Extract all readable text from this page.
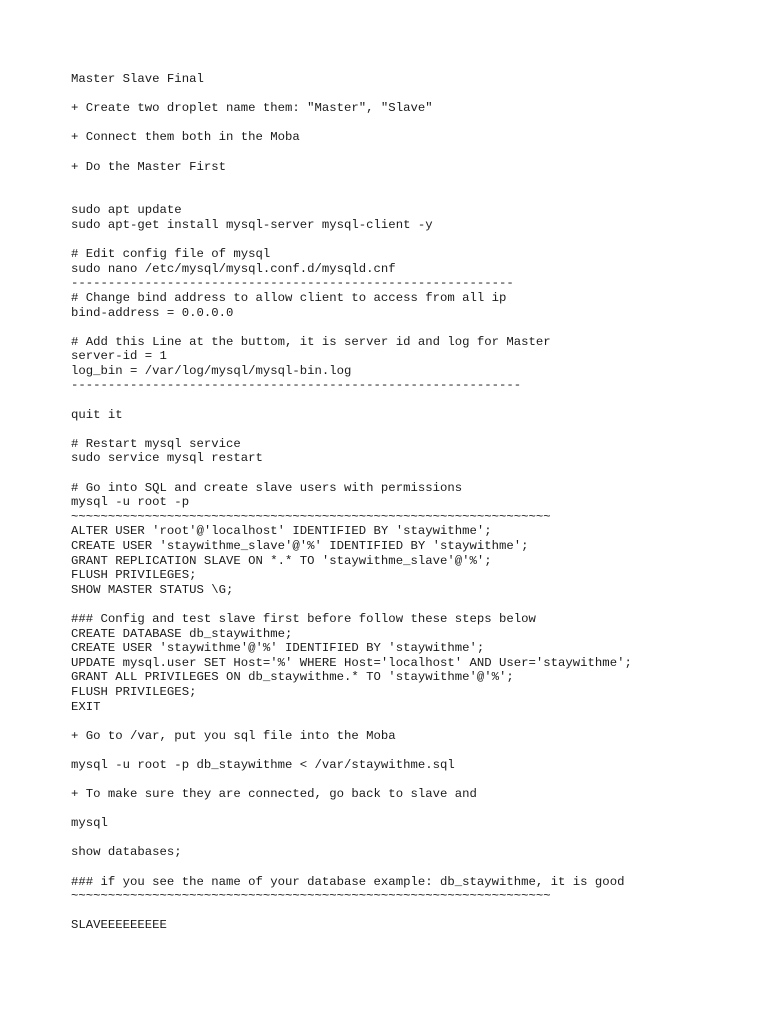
Master Slave Final
+ Create two droplet name them: "Master", "Slave"
+ Connect them both in the Moba
+ Do the Master First
sudo apt update
sudo apt-get install mysql-server mysql-client -y
# Edit config file of mysql
sudo nano /etc/mysql/mysql.conf.d/mysqld.cnf
------------------------------------------------------------
# Change bind address to allow client to access from all ip
bind-address = 0.0.0.0
# Add this Line at the buttom, it is server id and log for Master
server-id = 1
log_bin = /var/log/mysql/mysql-bin.log
-------------------------------------------------------------
quit it
# Restart mysql service
sudo service mysql restart
# Go into SQL and create slave users with permissions
mysql -u root -p
~~~~~~~~~~~~~~~~~~~~~~~~~~~~~~~~~~~~~~~~~~~~~~~~~~~~~~~~~~~~~~~~~
ALTER USER 'root'@'localhost' IDENTIFIED BY 'staywithme';
CREATE USER 'staywithme_slave'@'%' IDENTIFIED BY 'staywithme';
GRANT REPLICATION SLAVE ON *.* TO 'staywithme_slave'@'%';
FLUSH PRIVILEGES;
SHOW MASTER STATUS \G;
### Config and test slave first before follow these steps below
CREATE DATABASE db_staywithme;
CREATE USER 'staywithme'@'%' IDENTIFIED BY 'staywithme';
UPDATE mysql.user SET Host='%' WHERE Host='localhost' AND User='staywithme';
GRANT ALL PRIVILEGES ON db_staywithme.* TO 'staywithme'@'%';
FLUSH PRIVILEGES;
EXIT
+ Go to /var, put you sql file into the Moba
mysql -u root -p db_staywithme < /var/staywithme.sql
+ To make sure they are connected, go back to slave and
mysql
show databases;
### if you see the name of your database example: db_staywithme, it is good
~~~~~~~~~~~~~~~~~~~~~~~~~~~~~~~~~~~~~~~~~~~~~~~~~~~~~~~~~~~~~~~~~
SLAVEEEEEEEEE
